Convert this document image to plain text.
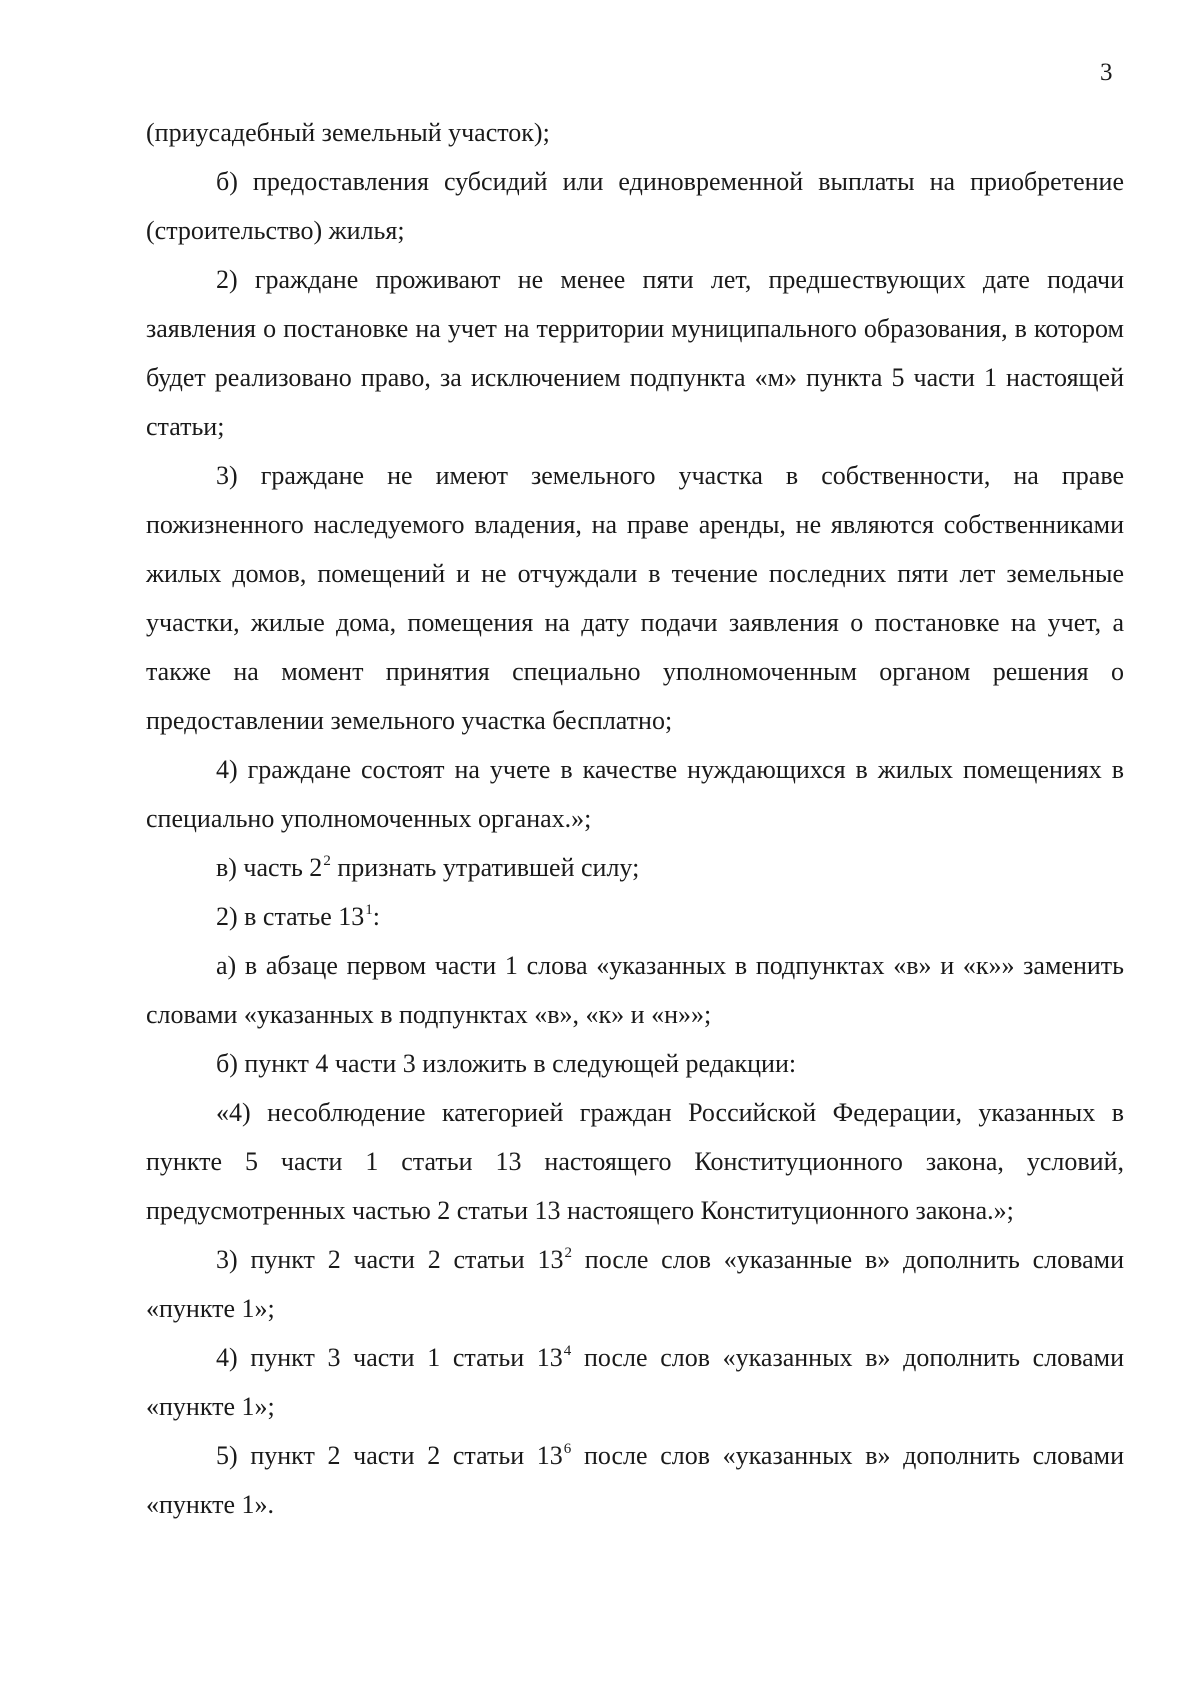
3

(приусадебный земельный участок);

б) предоставления субсидий или единовременной выплаты на приобретение (строительство) жилья;

2) граждане проживают не менее пяти лет, предшествующих дате подачи заявления о постановке на учет на территории муниципального образования, в котором будет реализовано право, за исключением подпункта «м» пункта 5 части 1 настоящей статьи;

3) граждане не имеют земельного участка в собственности, на праве пожизненного наследуемого владения, на праве аренды, не являются собственниками жилых домов, помещений и не отчуждали в течение последних пяти лет земельные участки, жилые дома, помещения на дату подачи заявления о постановке на учет, а также на момент принятия специально уполномоченным органом решения о предоставлении земельного участка бесплатно;

4) граждане состоят на учете в качестве нуждающихся в жилых помещениях в специально уполномоченных органах.»;

в) часть $2^2$ признать утратившей силу;

2) в статье $13^1$:

а) в абзаце первом части 1 слова «указанных в подпунктах «в» и «к»» заменить словами «указанных в подпунктах «в», «к» и «н»»;

б) пункт 4 части 3 изложить в следующей редакции:

«4) несоблюдение категорией граждан Российской Федерации, указанных в пункте 5 части 1 статьи 13 настоящего Конституционного закона, условий, предусмотренных частью 2 статьи 13 настоящего Конституционного закона.»;

3) пункт 2 части 2 статьи $13^2$ после слов «указанные в» дополнить словами «пункте 1»;

4) пункт 3 части 1 статьи $13^4$ после слов «указанных в» дополнить словами «пункте 1»;

5) пункт 2 части 2 статьи $13^6$ после слов «указанных в» дополнить словами «пункте 1».
